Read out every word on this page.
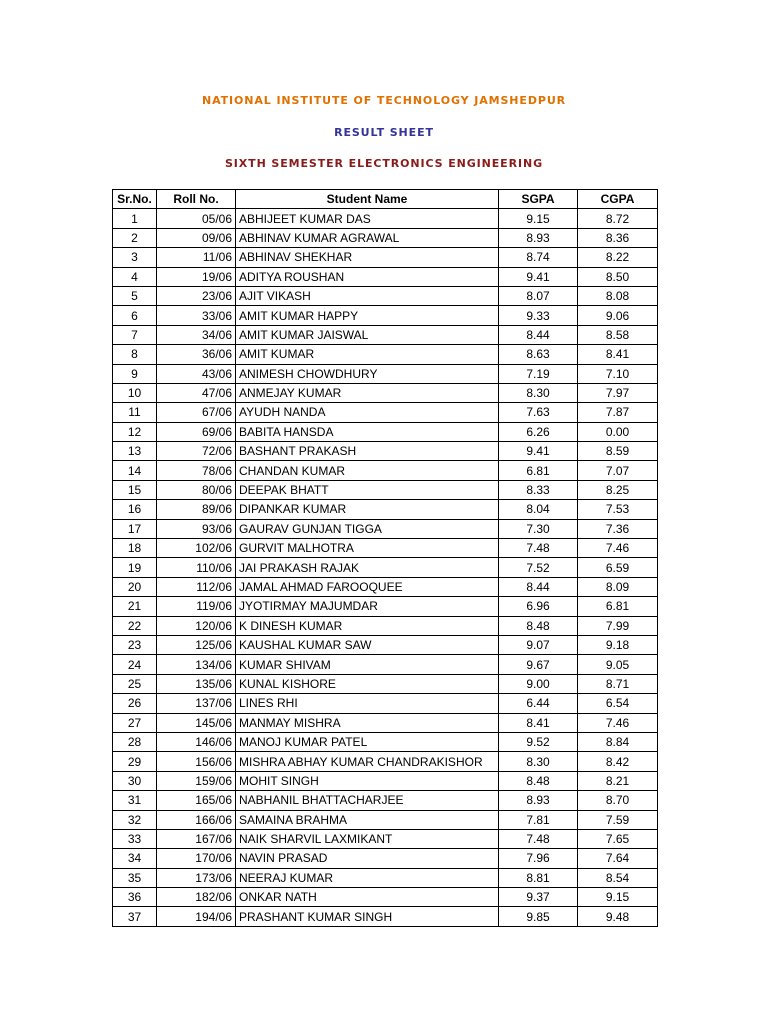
NATIONAL INSTITUTE OF TECHNOLOGY JAMSHEDPUR
RESULT SHEET
SIXTH SEMESTER ELECTRONICS ENGINEERING
Sr.No.	Roll No.	Student Name	SGPA	CGPA
1	05/06	ABHIJEET KUMAR DAS	9.15	8.72
2	09/06	ABHINAV KUMAR AGRAWAL	8.93	8.36
3	11/06	ABHINAV SHEKHAR	8.74	8.22
4	19/06	ADITYA ROUSHAN	9.41	8.50
5	23/06	AJIT VIKASH	8.07	8.08
6	33/06	AMIT KUMAR HAPPY	9.33	9.06
7	34/06	AMIT KUMAR JAISWAL	8.44	8.58
8	36/06	AMIT KUMAR	8.63	8.41
9	43/06	ANIMESH CHOWDHURY	7.19	7.10
10	47/06	ANMEJAY KUMAR	8.30	7.97
11	67/06	AYUDH NANDA	7.63	7.87
12	69/06	BABITA HANSDA	6.26	0.00
13	72/06	BASHANT PRAKASH	9.41	8.59
14	78/06	CHANDAN KUMAR	6.81	7.07
15	80/06	DEEPAK BHATT	8.33	8.25
16	89/06	DIPANKAR KUMAR	8.04	7.53
17	93/06	GAURAV GUNJAN TIGGA	7.30	7.36
18	102/06	GURVIT MALHOTRA	7.48	7.46
19	110/06	JAI PRAKASH RAJAK	7.52	6.59
20	112/06	JAMAL AHMAD FAROOQUEE	8.44	8.09
21	119/06	JYOTIRMAY MAJUMDAR	6.96	6.81
22	120/06	K DINESH KUMAR	8.48	7.99
23	125/06	KAUSHAL KUMAR SAW	9.07	9.18
24	134/06	KUMAR SHIVAM	9.67	9.05
25	135/06	KUNAL KISHORE	9.00	8.71
26	137/06	LINES RHI	6.44	6.54
27	145/06	MANMAY MISHRA	8.41	7.46
28	146/06	MANOJ KUMAR PATEL	9.52	8.84
29	156/06	MISHRA ABHAY KUMAR CHANDRAKISHOR	8.30	8.42
30	159/06	MOHIT SINGH	8.48	8.21
31	165/06	NABHANIL BHATTACHARJEE	8.93	8.70
32	166/06	SAMAINA BRAHMA	7.81	7.59
33	167/06	NAIK SHARVIL LAXMIKANT	7.48	7.65
34	170/06	NAVIN PRASAD	7.96	7.64
35	173/06	NEERAJ KUMAR	8.81	8.54
36	182/06	ONKAR NATH	9.37	9.15
37	194/06	PRASHANT KUMAR SINGH	9.85	9.48
